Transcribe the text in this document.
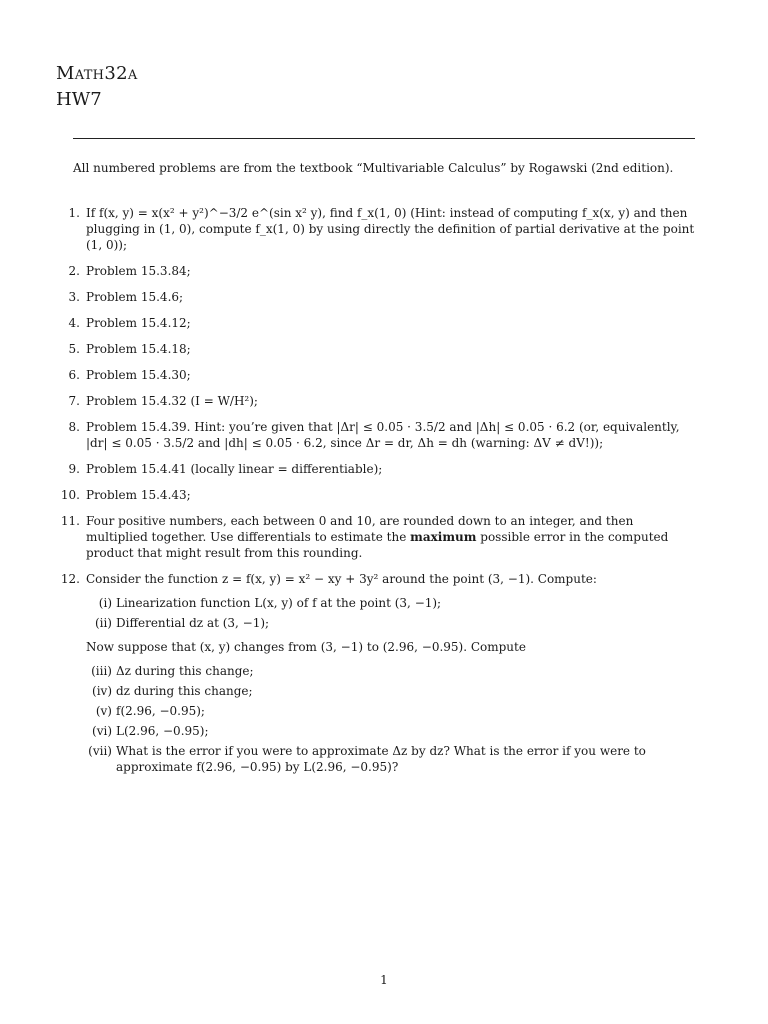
Math32a
HW7
All numbered problems are from the textbook “Multivariable Calculus” by Rogawski (2nd edition).
1. If f(x, y) = x(x² + y²)^−3/2 e^(sin x² y), find f_x(1, 0) (Hint: instead of computing f_x(x, y) and then plugging in (1, 0), compute f_x(1, 0) by using directly the definition of partial derivative at the point (1, 0));
2. Problem 15.3.84;
3. Problem 15.4.6;
4. Problem 15.4.12;
5. Problem 15.4.18;
6. Problem 15.4.30;
7. Problem 15.4.32 (I = W/H²);
8. Problem 15.4.39. Hint: you’re given that |Δr| ≤ 0.05 · 3.5/2 and |Δh| ≤ 0.05 · 6.2 (or, equivalently, |dr| ≤ 0.05 · 3.5/2 and |dh| ≤ 0.05 · 6.2, since Δr = dr, Δh = dh (warning: ΔV ≠ dV!));
9. Problem 15.4.41 (locally linear = differentiable);
10. Problem 15.4.43;
11. Four positive numbers, each between 0 and 10, are rounded down to an integer, and then multiplied together. Use differentials to estimate the maximum possible error in the computed product that might result from this rounding.
12. Consider the function z = f(x, y) = x² − xy + 3y² around the point (3, −1). Compute:
(i) Linearization function L(x, y) of f at the point (3, −1);
(ii) Differential dz at (3, −1);
Now suppose that (x, y) changes from (3, −1) to (2.96, −0.95). Compute
(iii) Δz during this change;
(iv) dz during this change;
(v) f(2.96, −0.95);
(vi) L(2.96, −0.95);
(vii) What is the error if you were to approximate Δz by dz? What is the error if you were to approximate f(2.96, −0.95) by L(2.96, −0.95)?
1
